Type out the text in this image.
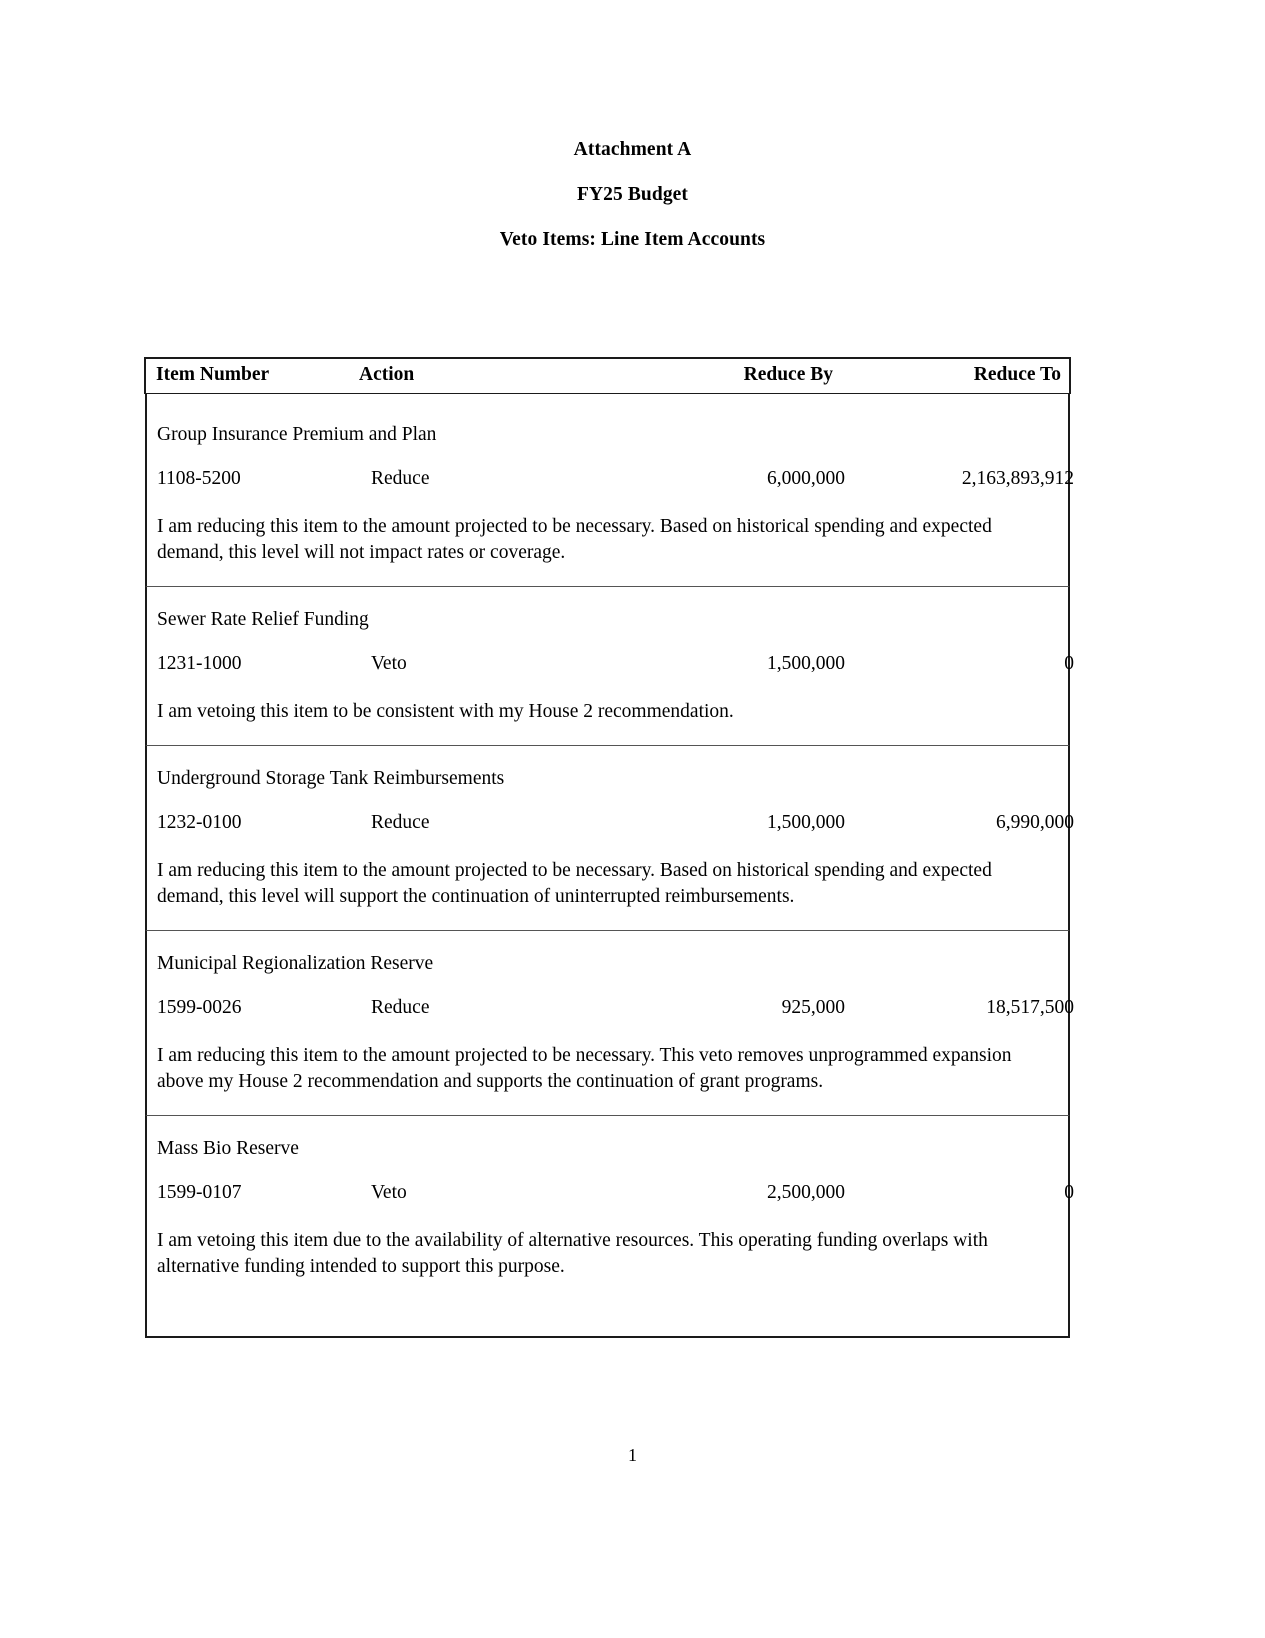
Attachment A
FY25 Budget
Veto Items: Line Item Accounts
Item Number	Action	Reduce By	Reduce To

Group Insurance Premium and Plan
1108-5200	Reduce	6,000,000	2,163,893,912

I am reducing this item to the amount projected to be necessary. Based on historical spending and expected demand, this level will not impact rates or coverage.

Sewer Rate Relief Funding
1231-1000	Veto	1,500,000	0

I am vetoing this item to be consistent with my House 2 recommendation.

Underground Storage Tank Reimbursements
1232-0100	Reduce	1,500,000	6,990,000

I am reducing this item to the amount projected to be necessary. Based on historical spending and expected demand, this level will support the continuation of uninterrupted reimbursements.

Municipal Regionalization Reserve
1599-0026	Reduce	925,000	18,517,500

I am reducing this item to the amount projected to be necessary. This veto removes unprogrammed expansion above my House 2 recommendation and supports the continuation of grant programs.

Mass Bio Reserve
1599-0107	Veto	2,500,000	0

I am vetoing this item due to the availability of alternative resources. This operating funding overlaps with alternative funding intended to support this purpose.

1
